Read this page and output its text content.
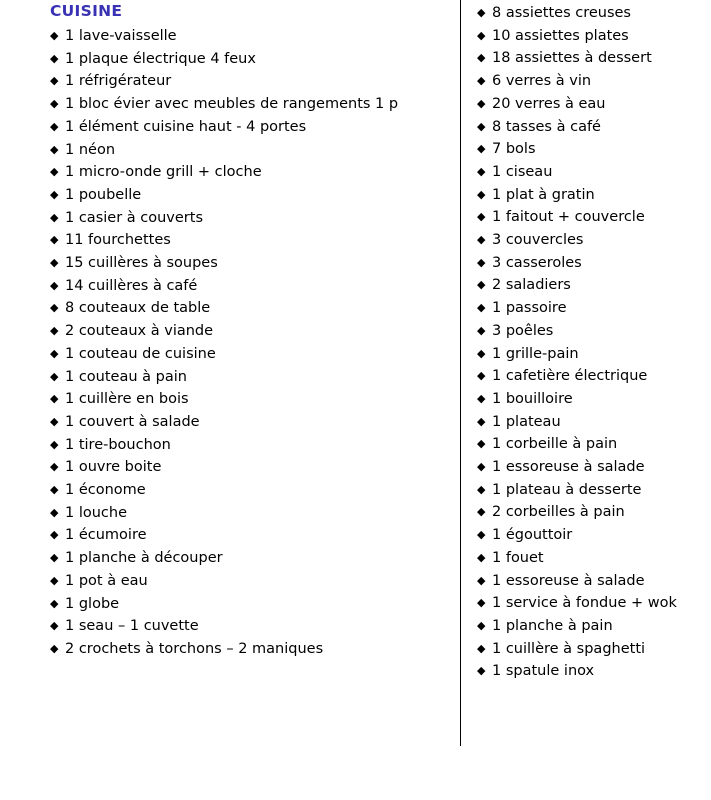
CUISINE
◆ 1 lave-vaisselle
◆ 1 plaque électrique 4 feux
◆ 1 réfrigérateur
◆ 1 bloc évier avec meubles de rangements 1 p
◆ 1 élément cuisine haut - 4 portes
◆ 1 néon
◆ 1 micro-onde grill + cloche
◆ 1 poubelle
◆ 1 casier à couverts
◆ 11 fourchettes
◆ 15 cuillères à soupes
◆ 14 cuillères à café
◆ 8 couteaux de table
◆ 2 couteaux à viande
◆ 1 couteau de cuisine
◆ 1 couteau à pain
◆ 1 cuillère en bois
◆ 1 couvert à salade
◆ 1 tire-bouchon
◆ 1 ouvre boite
◆ 1 économe
◆ 1 louche
◆ 1 écumoire
◆ 1 planche à découper
◆ 1 pot à eau
◆ 1 globe
◆ 1 seau – 1 cuvette
◆ 2 crochets à torchons – 2 maniques
◆ 8 assiettes creuses
◆ 10 assiettes plates
◆ 18 assiettes à dessert
◆ 6 verres à vin
◆ 20 verres à eau
◆ 8 tasses à café
◆ 7 bols
◆ 1 ciseau
◆ 1 plat à gratin
◆ 1 faitout + couvercle
◆ 3 couvercles
◆ 3 casseroles
◆ 2 saladiers
◆ 1 passoire
◆ 3 poêles
◆ 1 grille-pain
◆ 1 cafetière électrique
◆ 1 bouilloire
◆ 1 plateau
◆ 1 corbeille à pain
◆ 1 essoreuse à salade
◆ 1 plateau à desserte
◆ 2 corbeilles à pain
◆ 1 égouttoir
◆ 1 fouet
◆ 1 essoreuse à salade
◆ 1 service à fondue + wok
◆ 1 planche à pain
◆ 1 cuillère à spaghetti
◆ 1 spatule inox
